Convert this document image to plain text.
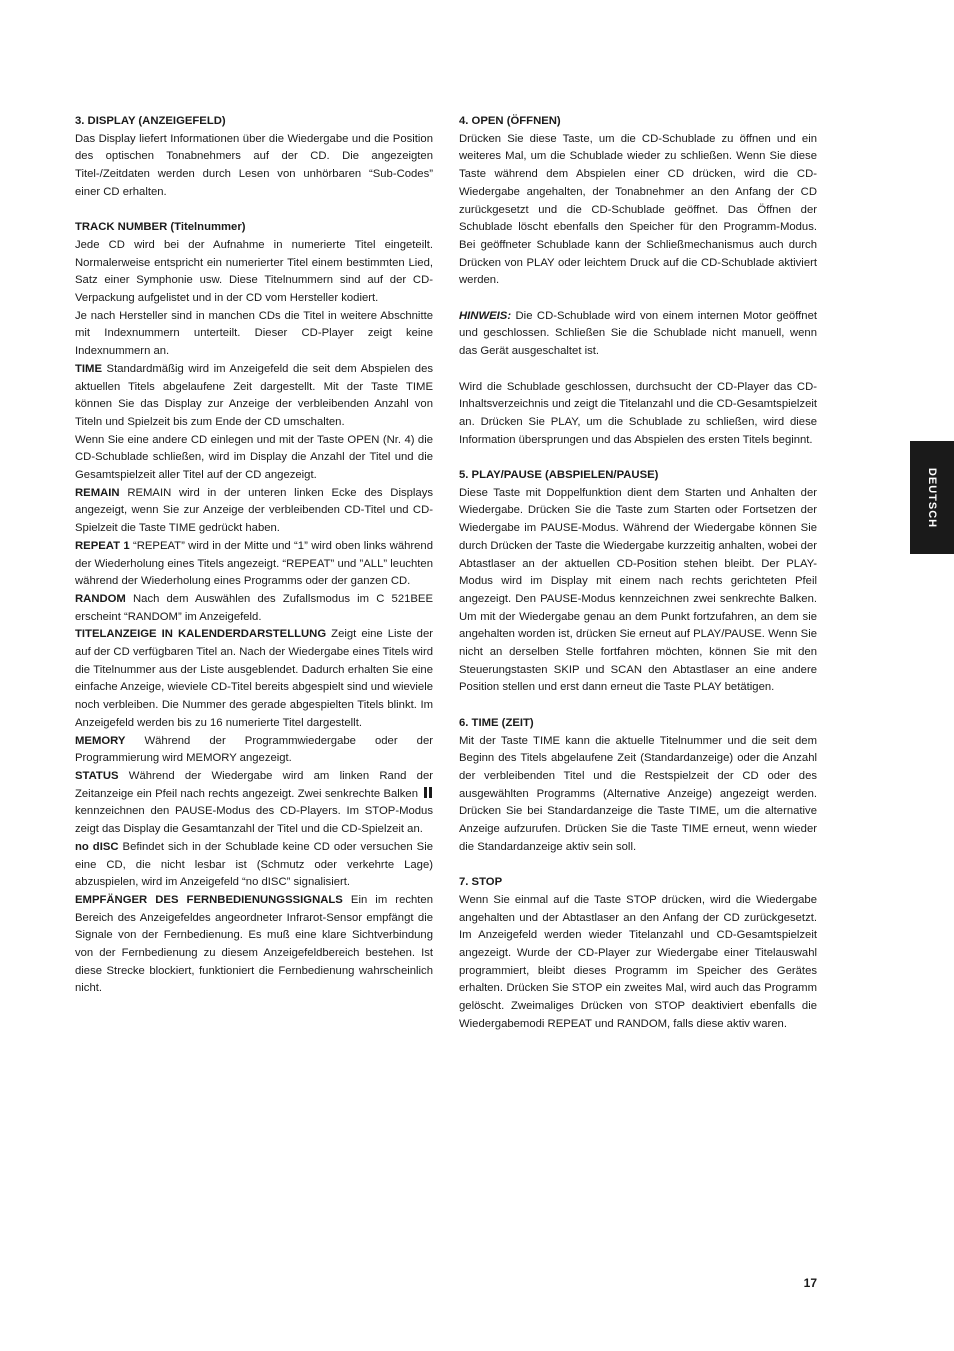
3. DISPLAY (ANZEIGEFELD)

Das Display liefert Informationen über die Wiedergabe und die Position des optischen Tonabnehmers auf der CD. Die angezeigten Titel-/Zeitdaten werden durch Lesen von unhörbaren “Sub-Codes” einer CD erhalten.

TRACK NUMBER (Titelnummer)

Jede CD wird bei der Aufnahme in numerierte Titel eingeteilt. Normalerweise entspricht ein numerierter Titel einem bestimmten Lied, Satz einer Symphonie usw. Diese Titelnummern sind auf der CD-Verpackung aufgelistet und in der CD vom Hersteller kodiert.

Je nach Hersteller sind in manchen CDs die Titel in weitere Abschnitte mit Indexnummern unterteilt. Dieser CD-Player zeigt keine Indexnummern an.

TIME Standardmäßig wird im Anzeigefeld die seit dem Abspielen des aktuellen Titels abgelaufene Zeit dargestellt. Mit der Taste TIME können Sie das Display zur Anzeige der verbleibenden Anzahl von Titeln und Spielzeit bis zum Ende der CD umschalten.

Wenn Sie eine andere CD einlegen und mit der Taste OPEN (Nr. 4) die CD-Schublade schließen, wird im Display die Anzahl der Titel und die Gesamtspielzeit aller Titel auf der CD angezeigt.

REMAIN REMAIN wird in der unteren linken Ecke des Displays angezeigt, wenn Sie zur Anzeige der verbleibenden CD-Titel und CD-Spielzeit die Taste TIME gedrückt haben.

REPEAT 1 “REPEAT” wird in der Mitte und “1” wird oben links während der Wiederholung eines Titels angezeigt. “REPEAT” und ”ALL” leuchten während der Wiederholung eines Programms oder der ganzen CD.

RANDOM Nach dem Auswählen des Zufallsmodus im C 521BEE erscheint “RANDOM” im Anzeigefeld.

TITELANZEIGE IN KALENDERDARSTELLUNG Zeigt eine Liste der auf der CD verfügbaren Titel an. Nach der Wiedergabe eines Titels wird die Titelnummer aus der Liste ausgeblendet. Dadurch erhalten Sie eine einfache Anzeige, wieviele CD-Titel bereits abgespielt sind und wieviele noch verbleiben. Die Nummer des gerade abgespielten Titels blinkt. Im Anzeigefeld werden bis zu 16 numerierte Titel dargestellt.

MEMORY Während der Programmwiedergabe oder der Programmierung wird MEMORY angezeigt.

STATUS Während der Wiedergabe wird am linken Rand der Zeitanzeige ein Pfeil nach rechts angezeigt. Zwei senkrechte Balken kennzeichnen den PAUSE-Modus des CD-Players. Im STOP-Modus zeigt das Display die Gesamtanzahl der Titel und die CD-Spielzeit an.

no dISC Befindet sich in der Schublade keine CD oder versuchen Sie eine CD, die nicht lesbar ist (Schmutz oder verkehrte Lage) abzuspielen, wird im Anzeigefeld “no dISC” signalisiert.

EMPFÄNGER DES FERNBEDIENUNGSSIGNALS Ein im rechten Bereich des Anzeigefeldes angeordneter Infrarot-Sensor empfängt die Signale von der Fernbedienung. Es muß eine klare Sichtverbindung von der Fernbedienung zu diesem Anzeigefeldbereich bestehen. Ist diese Strecke blockiert, funktioniert die Fernbedienung wahrscheinlich nicht.

4. OPEN (ÖFFNEN)

Drücken Sie diese Taste, um die CD-Schublade zu öffnen und ein weiteres Mal, um die Schublade wieder zu schließen. Wenn Sie diese Taste während dem Abspielen einer CD drücken, wird die CD-Wiedergabe angehalten, der Tonabnehmer an den Anfang der CD zurückgesetzt und die CD-Schublade geöffnet. Das Öffnen der Schublade löscht ebenfalls den Speicher für den Programm-Modus. Bei geöffneter Schublade kann der Schließmechanismus auch durch Drücken von PLAY oder leichtem Druck auf die CD-Schublade aktiviert werden.

HINWEIS: Die CD-Schublade wird von einem internen Motor geöffnet und geschlossen. Schließen Sie die Schublade nicht manuell, wenn das Gerät ausgeschaltet ist.

Wird die Schublade geschlossen, durchsucht der CD-Player das CD-Inhaltsverzeichnis und zeigt die Titelanzahl und die CD-Gesamtspielzeit an. Drücken Sie PLAY, um die Schublade zu schließen, wird diese Information übersprungen und das Abspielen des ersten Titels beginnt.

5. PLAY/PAUSE (ABSPIELEN/PAUSE)

Diese Taste mit Doppelfunktion dient dem Starten und Anhalten der Wiedergabe. Drücken Sie die Taste zum Starten oder Fortsetzen der Wiedergabe im PAUSE-Modus. Während der Wiedergabe können Sie durch Drücken der Taste die Wiedergabe kurzzeitig anhalten, wobei der Abtastlaser an der aktuellen CD-Position stehen bleibt. Der PLAY-Modus wird im Display mit einem nach rechts gerichteten Pfeil angezeigt. Den PAUSE-Modus kennzeichnen zwei senkrechte Balken. Um mit der Wiedergabe genau an dem Punkt fortzufahren, an dem sie angehalten worden ist, drücken Sie erneut auf PLAY/PAUSE. Wenn Sie nicht an derselben Stelle fortfahren möchten, können Sie mit den Steuerungstasten SKIP und SCAN den Abtastlaser an eine andere Position stellen und erst dann erneut die Taste PLAY betätigen.

6. TIME (ZEIT)

Mit der Taste TIME kann die aktuelle Titelnummer und die seit dem Beginn des Titels abgelaufene Zeit (Standardanzeige) oder die Anzahl der verbleibenden Titel und die Restspielzeit der CD oder des ausgewählten Programms (Alternative Anzeige) angezeigt werden. Drücken Sie bei Standardanzeige die Taste TIME, um die alternative Anzeige aufzurufen. Drücken Sie die Taste TIME erneut, wenn wieder die Standardanzeige aktiv sein soll.

7. STOP

Wenn Sie einmal auf die Taste STOP drücken, wird die Wiedergabe angehalten und der Abtastlaser an den Anfang der CD zurückgesetzt. Im Anzeigefeld werden wieder Titelanzahl und CD-Gesamtspielzeit angezeigt. Wurde der CD-Player zur Wiedergabe einer Titelauswahl programmiert, bleibt dieses Programm im Speicher des Gerätes erhalten. Drücken Sie STOP ein zweites Mal, wird auch das Programm gelöscht. Zweimaliges Drücken von STOP deaktiviert ebenfalls die Wiedergabemodi REPEAT und RANDOM, falls diese aktiv waren.

DEUTSCH
17
